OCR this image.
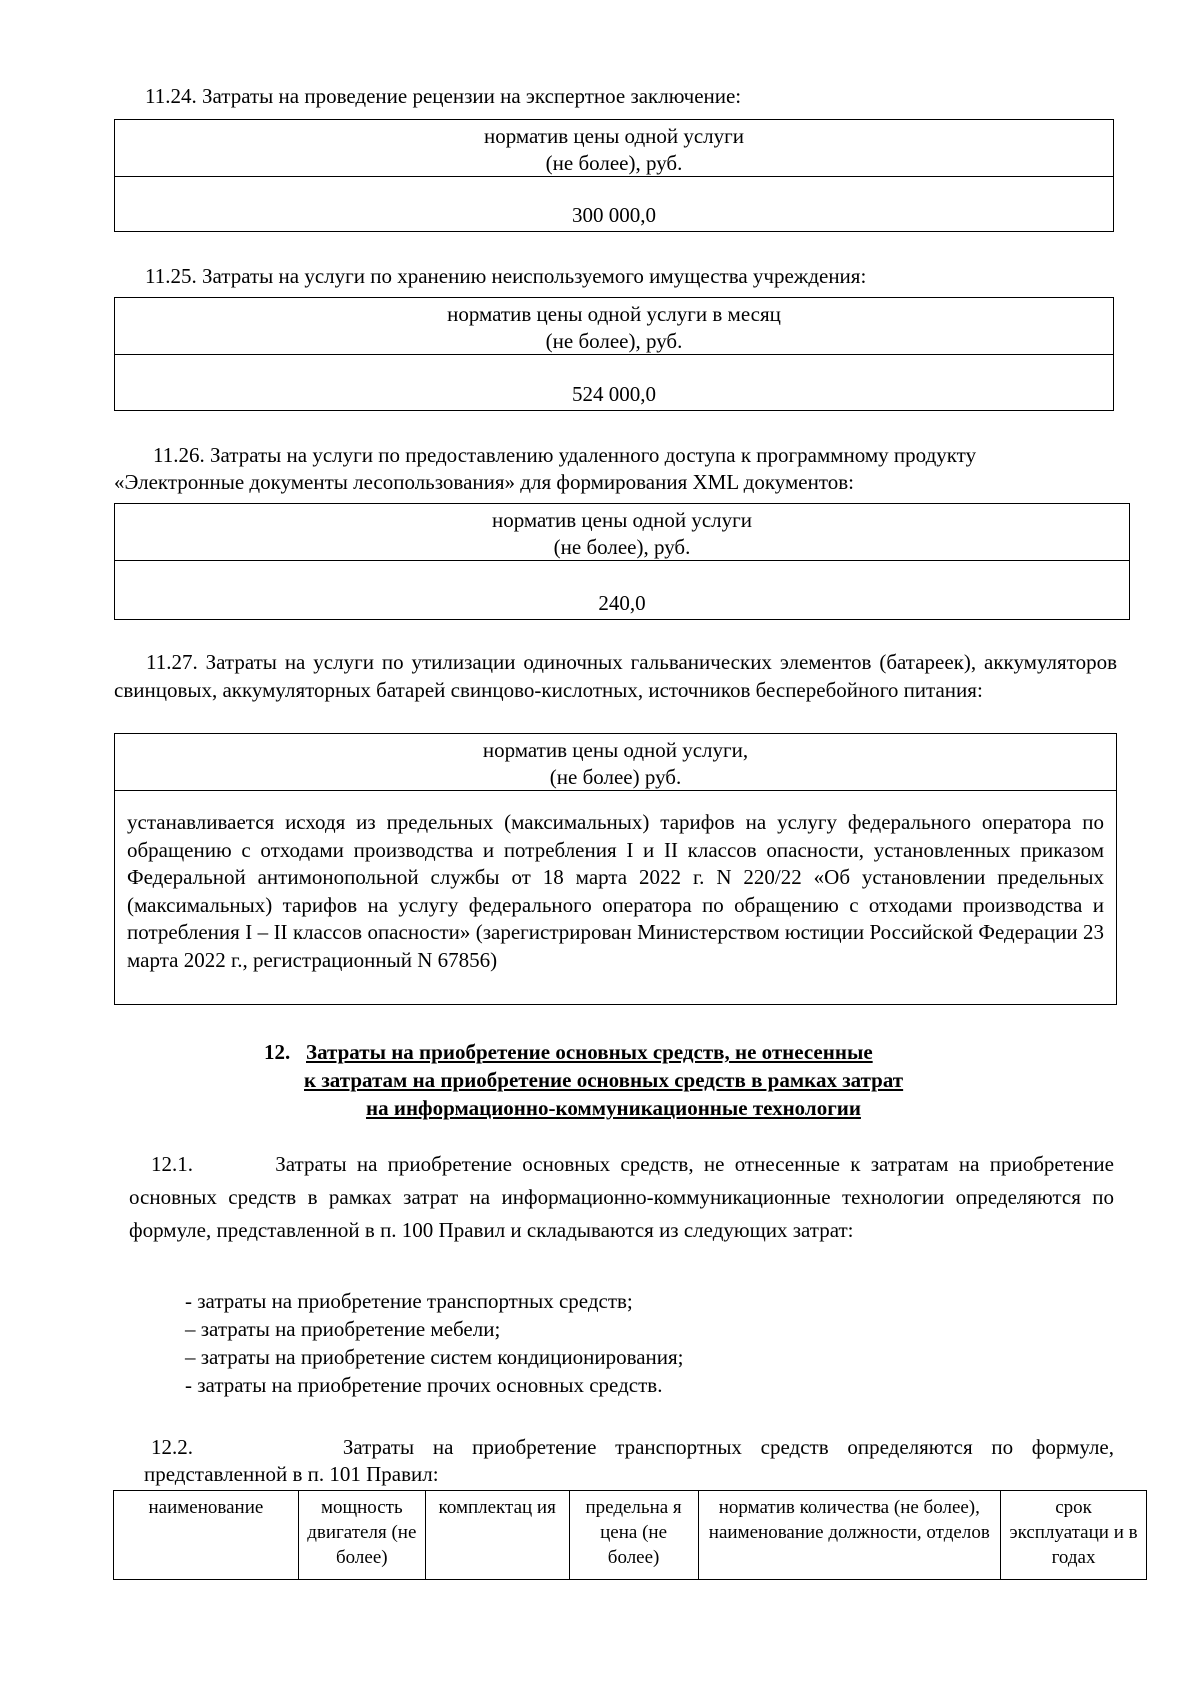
11.24. Затраты на проведение рецензии на экспертное заключение:
норматив цены одной услуги
(не более), руб.
300 000,0
11.25. Затраты на услуги по хранению неиспользуемого имущества учреждения:
норматив цены одной услуги в месяц
(не более), руб.
524 000,0
11.26. Затраты на услуги по предоставлению удаленного доступа к программному продукту
«Электронные документы лесопользования» для формирования XML документов:
норматив цены одной услуги
(не более), руб.
240,0
11.27. Затраты на услуги по утилизации одиночных гальванических элементов (батареек), аккумуляторов свинцовых, аккумуляторных батарей свинцово-кислотных, источников бесперебойного питания:
норматив цены одной услуги,
(не более) руб.
устанавливается исходя из предельных (максимальных) тарифов на услугу федерального оператора по обращению с отходами производства и потребления I и II классов опасности, установленных приказом Федеральной антимонопольной службы от 18 марта 2022 г. N 220/22 «Об установлении предельных (максимальных) тарифов на услугу федерального оператора по обращению с отходами производства и потребления I – II классов опасности» (зарегистрирован Министерством юстиции Российской Федерации 23 марта 2022 г., регистрационный N 67856)
12. Затраты на приобретение основных средств, не отнесенные
к затратам на приобретение основных средств в рамках затрат
на информационно-коммуникационные технологии
12.1.        Затраты на приобретение основных средств, не отнесенные к затратам на приобретение основных средств в рамках затрат на информационно-коммуникационные технологии определяются по формуле, представленной в п. 100 Правил и складываются из следующих затрат:
- затраты на приобретение транспортных средств;
– затраты на приобретение мебели;
– затраты на приобретение систем кондиционирования;
- затраты на приобретение прочих основных средств.
12.2.        Затраты на приобретение транспортных средств определяются по формуле,
представленной в п. 101 Правил:
наименование	мощность двигателя (не более)	комплектац ия	предельна я цена (не более)	норматив количества (не более), наименование должности, отделов	срок эксплуатаци и в годах
